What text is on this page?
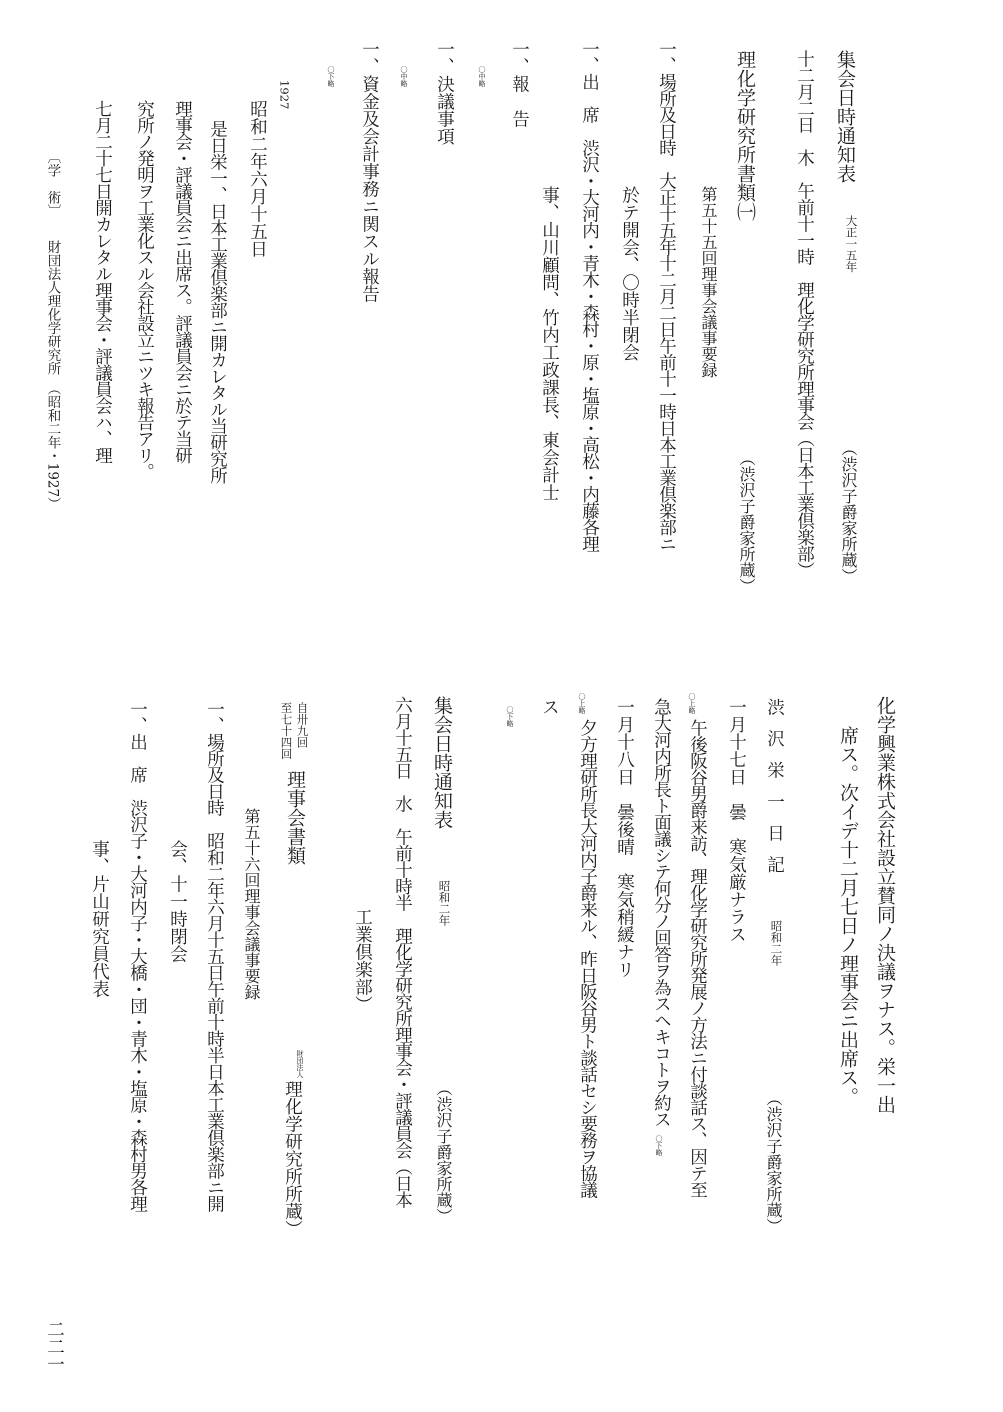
集会日時通知表
大正一五年
（渋沢子爵家所蔵）
十二月二日　木　午前十一時　理化学研究所理事会（日本工業倶楽部）
理化学研究所書類㈠
（渋沢子爵家所蔵）
第五十五回理事会議事要録
一、場所及日時　大正十五年十二月二日午前十一時日本工業倶楽部ニ
於テ開会、〇時半閉会
一、出　席　渋沢・大河内・青木・森村・原・塩原・高松・内藤各理
事、山川顧問、竹内工政課長、東会計士
一、報　告
〇中略
一、決議事項
〇中略
一、資金及会計事務ニ関スル報告
〇下略
1927
昭和二年六月十五日
是日栄一、日本工業倶楽部ニ開カレタル当研究所
理事会・評議員会ニ出席ス。評議員会ニ於テ当研
究所ノ発明ヲ工業化スル会社設立ニツキ報告アリ。
七月二十七日開カレタル理事会・評議員会ハ、理
〔学　術〕
財団法人理化学研究所　（昭和二年・1927）
化学興業株式会社設立賛同ノ決議ヲナス。栄一出
席ス。次イデ十二月七日ノ理事会ニ出席ス。
渋沢栄一日記
昭和二年
（渋沢子爵家所蔵）
一月十七日　曇　寒気厳ナラス
〇上略
午後阪谷男爵来訪、理化学研究所発展ノ方法ニ付談話ス、因テ至
急大河内所長ト面議シテ何分ノ回答ヲ為スヘキコトヲ約ス
〇下略
一月十八日　曇後晴　寒気稍緩ナリ
〇上略
夕方理研所長大河内子爵来ル、昨日阪谷男ト談話セシ要務ヲ協議
ス
〇下略
集会日時通知表
昭和二年
（渋沢子爵家所蔵）
六月十五日　水　午前十時半　理化学研究所理事会・評議員会（日本
工業倶楽部）
自卅九回
至七十四回
理事会書類
財団法人
理化学研究所所蔵）
第五十六回理事会議事要録
一、場所及日時　昭和二年六月十五日午前十時半日本工業倶楽部ニ開
会、十一時閉会
一、出　席　渋沢子・大河内子・大橋・団・青木・塩原・森村男各理
事、片山研究員代表
二二一
